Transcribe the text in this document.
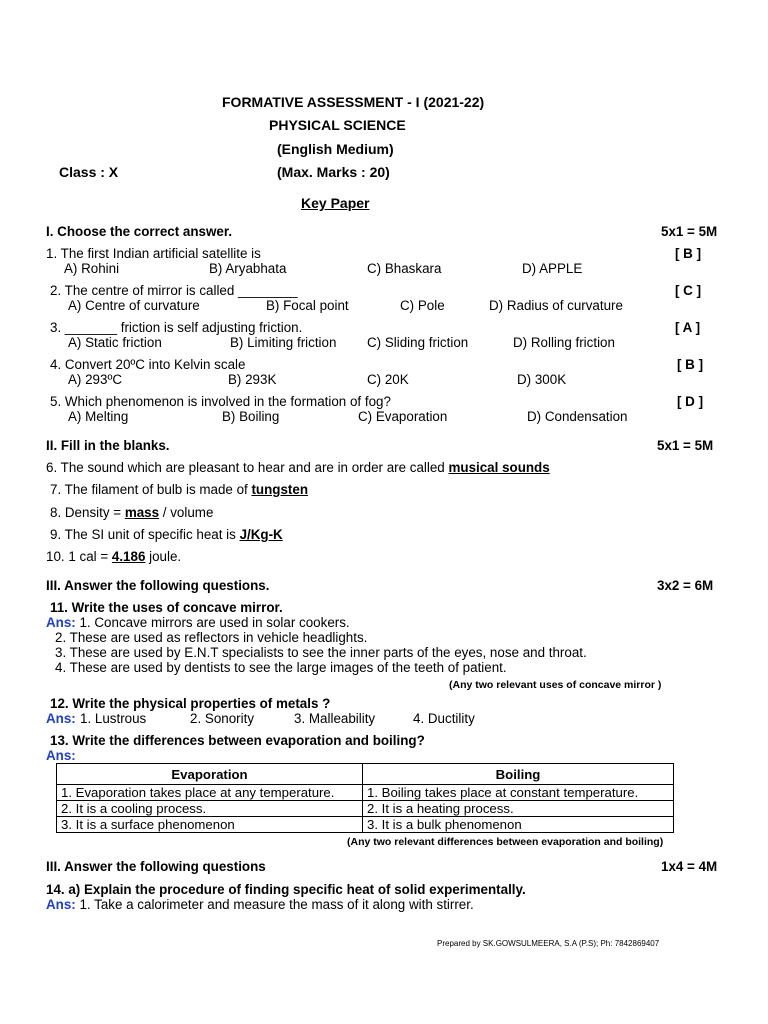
FORMATIVE ASSESSMENT - I (2021-22)
PHYSICAL SCIENCE
(English Medium)
Class : X	(Max. Marks : 20)
Key Paper
I. Choose the correct answer.	5x1 = 5M
1. The first Indian artificial satellite is	[ B ]
A) Rohini	B) Aryabhata	C) Bhaskara	D) APPLE
2. The centre of mirror is called ________	[ C ]
A) Centre of curvature	B) Focal point	C) Pole	D) Radius of curvature
3. _______ friction is self adjusting friction.	[ A ]
A) Static friction	B) Limiting friction C) Sliding friction	D) Rolling friction
4. Convert 20ºC into Kelvin scale	[ B ]
A) 293ºC	B) 293K	C) 20K	D) 300K
5. Which phenomenon is involved in the formation of fog?	[ D ]
A) Melting	B) Boiling	C) Evaporation	D) Condensation
II. Fill in the blanks.	5x1 = 5M
6. The sound which are pleasant to hear and are in order are called musical sounds
7. The filament of bulb is made of tungsten
8. Density = mass / volume
9. The SI unit of specific heat is J/Kg-K
10. 1 cal = 4.186 joule.
III. Answer the following questions.	3x2 = 6M
11. Write the uses of concave mirror.
Ans: 1. Concave mirrors are used in solar cookers.
2. These are used as reflectors in vehicle headlights.
3. These are used by E.N.T specialists to see the inner parts of the eyes, nose and throat.
4. These are used by dentists to see the large images of the teeth of patient.
(Any two relevant uses of concave mirror )
12. Write the physical properties of metals ?
Ans: 1. Lustrous	2. Sonority	3. Malleability	4. Ductility
13. Write the differences between evaporation and boiling?
Ans:
Evaporation	Boiling
1. Evaporation takes place at any temperature.	1. Boiling takes place at constant temperature.
2. It is a cooling process.	2. It is a heating process.
3. It is a surface phenomenon	3. It is a bulk phenomenon
(Any two relevant differences between evaporation and boiling)
III. Answer the following questions	1x4 = 4M
14. a) Explain the procedure of finding specific heat of solid experimentally.
Ans: 1. Take a calorimeter and measure the mass of it along with stirrer.
Prepared by SK.GOWSULMEERA, S.A (P.S); Ph: 7842869407
